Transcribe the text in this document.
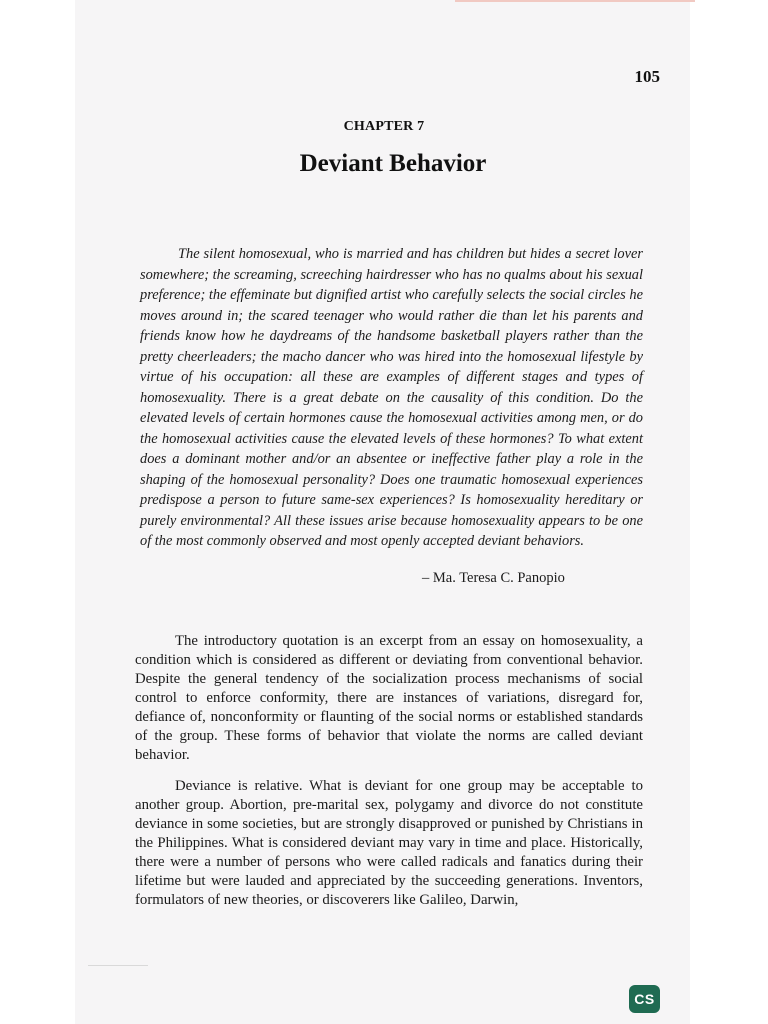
105
CHAPTER 7
Deviant Behavior

The silent homosexual, who is married and has children but hides a secret lover somewhere; the screaming, screeching hairdresser who has no qualms about his sexual preference; the effeminate but dignified artist who carefully selects the social circles he moves around in; the scared teenager who would rather die than let his parents and friends know how he daydreams of the handsome basketball players rather than the pretty cheerleaders; the macho dancer who was hired into the homosexual lifestyle by virtue of his occupation: all these are examples of different stages and types of homosexuality. There is a great debate on the causality of this condition. Do the elevated levels of certain hormones cause the homosexual activities among men, or do the homosexual activities cause the elevated levels of these hormones? To what extent does a dominant mother and/or an absentee or ineffective father play a role in the shaping of the homosexual personality? Does one traumatic homosexual experiences predispose a person to future same-sex experiences? Is homosexuality hereditary or purely environmental? All these issues arise because homosexuality appears to be one of the most commonly observed and most openly accepted deviant behaviors.

– Ma. Teresa C. Panopio

The introductory quotation is an excerpt from an essay on homosexuality, a condition which is considered as different or deviating from conventional behavior. Despite the general tendency of the socialization process mechanisms of social control to enforce conformity, there are instances of variations, disregard for, defiance of, nonconformity or flaunting of the social norms or established standards of the group. These forms of behavior that violate the norms are called deviant behavior.

Deviance is relative. What is deviant for one group may be acceptable to another group. Abortion, pre-marital sex, polygamy and divorce do not constitute deviance in some societies, but are strongly disapproved or punished by Christians in the Philippines. What is considered deviant may vary in time and place. Historically, there were a number of persons who were called radicals and fanatics during their lifetime but were lauded and appreciated by the succeeding generations. Inventors, formulators of new theories, or discoverers like Galileo, Darwin,

CS
